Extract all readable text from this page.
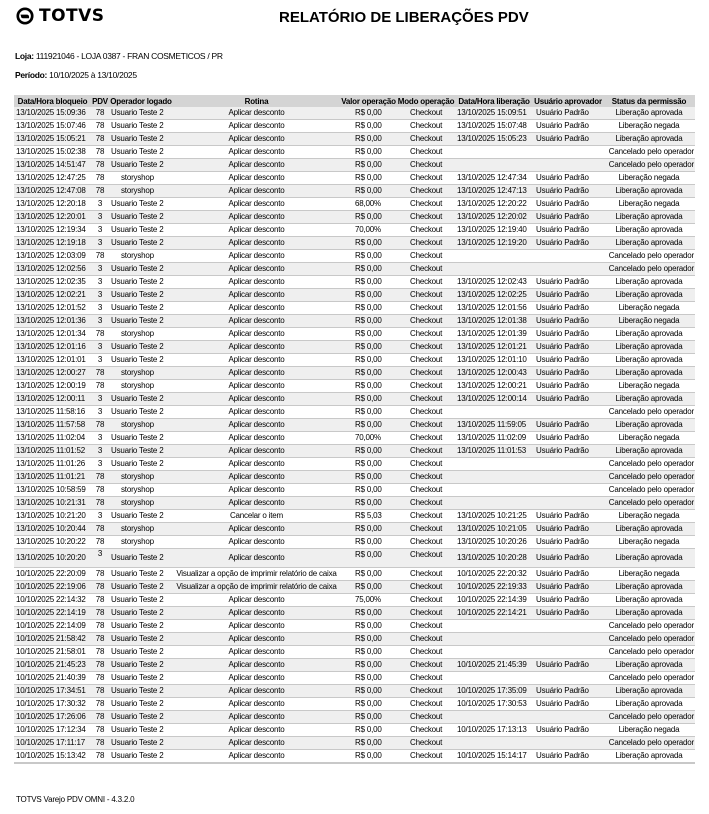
TOTVS	RELATÓRIO DE LIBERAÇÕES PDV
Loja: 111921046 - LOJA 0387 - FRAN COSMETICOS / PR
Período: 10/10/2025 à 13/10/2025
Data/Hora bloqueio	PDV	Operador logado	Rotina	Valor operação	Modo operação	Data/Hora liberação	Usuário aprovador	Status da permissão
13/10/2025 15:09:36	78	Usuario Teste 2	Aplicar desconto	R$ 0,00	Checkout	13/10/2025 15:09:51	Usuário Padrão	Liberação aprovada
13/10/2025 15:07:46	78	Usuario Teste 2	Aplicar desconto	R$ 0,00	Checkout	13/10/2025 15:07:48	Usuário Padrão	Liberação negada
13/10/2025 15:05:21	78	Usuario Teste 2	Aplicar desconto	R$ 0,00	Checkout	13/10/2025 15:05:23	Usuário Padrão	Liberação aprovada
13/10/2025 15:02:38	78	Usuario Teste 2	Aplicar desconto	R$ 0,00	Checkout			Cancelado pelo operador
13/10/2025 14:51:47	78	Usuario Teste 2	Aplicar desconto	R$ 0,00	Checkout			Cancelado pelo operador
13/10/2025 12:47:25	78	storyshop	Aplicar desconto	R$ 0,00	Checkout	13/10/2025 12:47:34	Usuário Padrão	Liberação negada
13/10/2025 12:47:08	78	storyshop	Aplicar desconto	R$ 0,00	Checkout	13/10/2025 12:47:13	Usuário Padrão	Liberação aprovada
13/10/2025 12:20:18	3	Usuario Teste 2	Aplicar desconto	68,00%	Checkout	13/10/2025 12:20:22	Usuário Padrão	Liberação negada
13/10/2025 12:20:01	3	Usuario Teste 2	Aplicar desconto	R$ 0,00	Checkout	13/10/2025 12:20:02	Usuário Padrão	Liberação aprovada
13/10/2025 12:19:34	3	Usuario Teste 2	Aplicar desconto	70,00%	Checkout	13/10/2025 12:19:40	Usuário Padrão	Liberação aprovada
13/10/2025 12:19:18	3	Usuario Teste 2	Aplicar desconto	R$ 0,00	Checkout	13/10/2025 12:19:20	Usuário Padrão	Liberação aprovada
13/10/2025 12:03:09	78	storyshop	Aplicar desconto	R$ 0,00	Checkout			Cancelado pelo operador
13/10/2025 12:02:56	3	Usuario Teste 2	Aplicar desconto	R$ 0,00	Checkout			Cancelado pelo operador
13/10/2025 12:02:35	3	Usuario Teste 2	Aplicar desconto	R$ 0,00	Checkout	13/10/2025 12:02:43	Usuário Padrão	Liberação aprovada
13/10/2025 12:02:21	3	Usuario Teste 2	Aplicar desconto	R$ 0,00	Checkout	13/10/2025 12:02:25	Usuário Padrão	Liberação aprovada
13/10/2025 12:01:52	3	Usuario Teste 2	Aplicar desconto	R$ 0,00	Checkout	13/10/2025 12:01:56	Usuário Padrão	Liberação negada
13/10/2025 12:01:36	3	Usuario Teste 2	Aplicar desconto	R$ 0,00	Checkout	13/10/2025 12:01:38	Usuário Padrão	Liberação negada
13/10/2025 12:01:34	78	storyshop	Aplicar desconto	R$ 0,00	Checkout	13/10/2025 12:01:39	Usuário Padrão	Liberação aprovada
13/10/2025 12:01:16	3	Usuario Teste 2	Aplicar desconto	R$ 0,00	Checkout	13/10/2025 12:01:21	Usuário Padrão	Liberação aprovada
13/10/2025 12:01:01	3	Usuario Teste 2	Aplicar desconto	R$ 0,00	Checkout	13/10/2025 12:01:10	Usuário Padrão	Liberação aprovada
13/10/2025 12:00:27	78	storyshop	Aplicar desconto	R$ 0,00	Checkout	13/10/2025 12:00:43	Usuário Padrão	Liberação aprovada
13/10/2025 12:00:19	78	storyshop	Aplicar desconto	R$ 0,00	Checkout	13/10/2025 12:00:21	Usuário Padrão	Liberação negada
13/10/2025 12:00:11	3	Usuario Teste 2	Aplicar desconto	R$ 0,00	Checkout	13/10/2025 12:00:14	Usuário Padrão	Liberação aprovada
13/10/2025 11:58:16	3	Usuario Teste 2	Aplicar desconto	R$ 0,00	Checkout			Cancelado pelo operador
13/10/2025 11:57:58	78	storyshop	Aplicar desconto	R$ 0,00	Checkout	13/10/2025 11:59:05	Usuário Padrão	Liberação aprovada
13/10/2025 11:02:04	3	Usuario Teste 2	Aplicar desconto	70,00%	Checkout	13/10/2025 11:02:09	Usuário Padrão	Liberação negada
13/10/2025 11:01:52	3	Usuario Teste 2	Aplicar desconto	R$ 0,00	Checkout	13/10/2025 11:01:53	Usuário Padrão	Liberação aprovada
13/10/2025 11:01:26	3	Usuario Teste 2	Aplicar desconto	R$ 0,00	Checkout			Cancelado pelo operador
13/10/2025 11:01:21	78	storyshop	Aplicar desconto	R$ 0,00	Checkout			Cancelado pelo operador
13/10/2025 10:58:59	78	storyshop	Aplicar desconto	R$ 0,00	Checkout			Cancelado pelo operador
13/10/2025 10:21:31	78	storyshop	Aplicar desconto	R$ 0,00	Checkout			Cancelado pelo operador
13/10/2025 10:21:20	3	Usuario Teste 2	Cancelar o item	R$ 5,03	Checkout	13/10/2025 10:21:25	Usuário Padrão	Liberação negada
13/10/2025 10:20:44	78	storyshop	Aplicar desconto	R$ 0,00	Checkout	13/10/2025 10:21:05	Usuário Padrão	Liberação aprovada
13/10/2025 10:20:22	78	storyshop	Aplicar desconto	R$ 0,00	Checkout	13/10/2025 10:20:26	Usuário Padrão	Liberação negada
13/10/2025 10:20:20	3	Usuario Teste 2	Aplicar desconto	R$ 0,00	Checkout	13/10/2025 10:20:28	Usuário Padrão	Liberação aprovada
10/10/2025 22:20:09	78	Usuario Teste 2	Visualizar a opção de imprimir relatório de caixa	R$ 0,00	Checkout	10/10/2025 22:20:32	Usuário Padrão	Liberação negada
10/10/2025 22:19:06	78	Usuario Teste 2	Visualizar a opção de imprimir relatório de caixa	R$ 0,00	Checkout	10/10/2025 22:19:33	Usuário Padrão	Liberação aprovada
10/10/2025 22:14:32	78	Usuario Teste 2	Aplicar desconto	75,00%	Checkout	10/10/2025 22:14:39	Usuário Padrão	Liberação aprovada
10/10/2025 22:14:19	78	Usuario Teste 2	Aplicar desconto	R$ 0,00	Checkout	10/10/2025 22:14:21	Usuário Padrão	Liberação aprovada
10/10/2025 22:14:09	78	Usuario Teste 2	Aplicar desconto	R$ 0,00	Checkout			Cancelado pelo operador
10/10/2025 21:58:42	78	Usuario Teste 2	Aplicar desconto	R$ 0,00	Checkout			Cancelado pelo operador
10/10/2025 21:58:01	78	Usuario Teste 2	Aplicar desconto	R$ 0,00	Checkout			Cancelado pelo operador
10/10/2025 21:45:23	78	Usuario Teste 2	Aplicar desconto	R$ 0,00	Checkout	10/10/2025 21:45:39	Usuário Padrão	Liberação aprovada
10/10/2025 21:40:39	78	Usuario Teste 2	Aplicar desconto	R$ 0,00	Checkout			Cancelado pelo operador
10/10/2025 17:34:51	78	Usuario Teste 2	Aplicar desconto	R$ 0,00	Checkout	10/10/2025 17:35:09	Usuário Padrão	Liberação aprovada
10/10/2025 17:30:32	78	Usuario Teste 2	Aplicar desconto	R$ 0,00	Checkout	10/10/2025 17:30:53	Usuário Padrão	Liberação aprovada
10/10/2025 17:26:06	78	Usuario Teste 2	Aplicar desconto	R$ 0,00	Checkout			Cancelado pelo operador
10/10/2025 17:12:34	78	Usuario Teste 2	Aplicar desconto	R$ 0,00	Checkout	10/10/2025 17:13:13	Usuário Padrão	Liberação negada
10/10/2025 17:11:17	78	Usuario Teste 2	Aplicar desconto	R$ 0,00	Checkout			Cancelado pelo operador
10/10/2025 15:13:42	78	Usuario Teste 2	Aplicar desconto	R$ 0,00	Checkout	10/10/2025 15:14:17	Usuário Padrão	Liberação aprovada
TOTVS Varejo PDV OMNI - 4.3.2.0
